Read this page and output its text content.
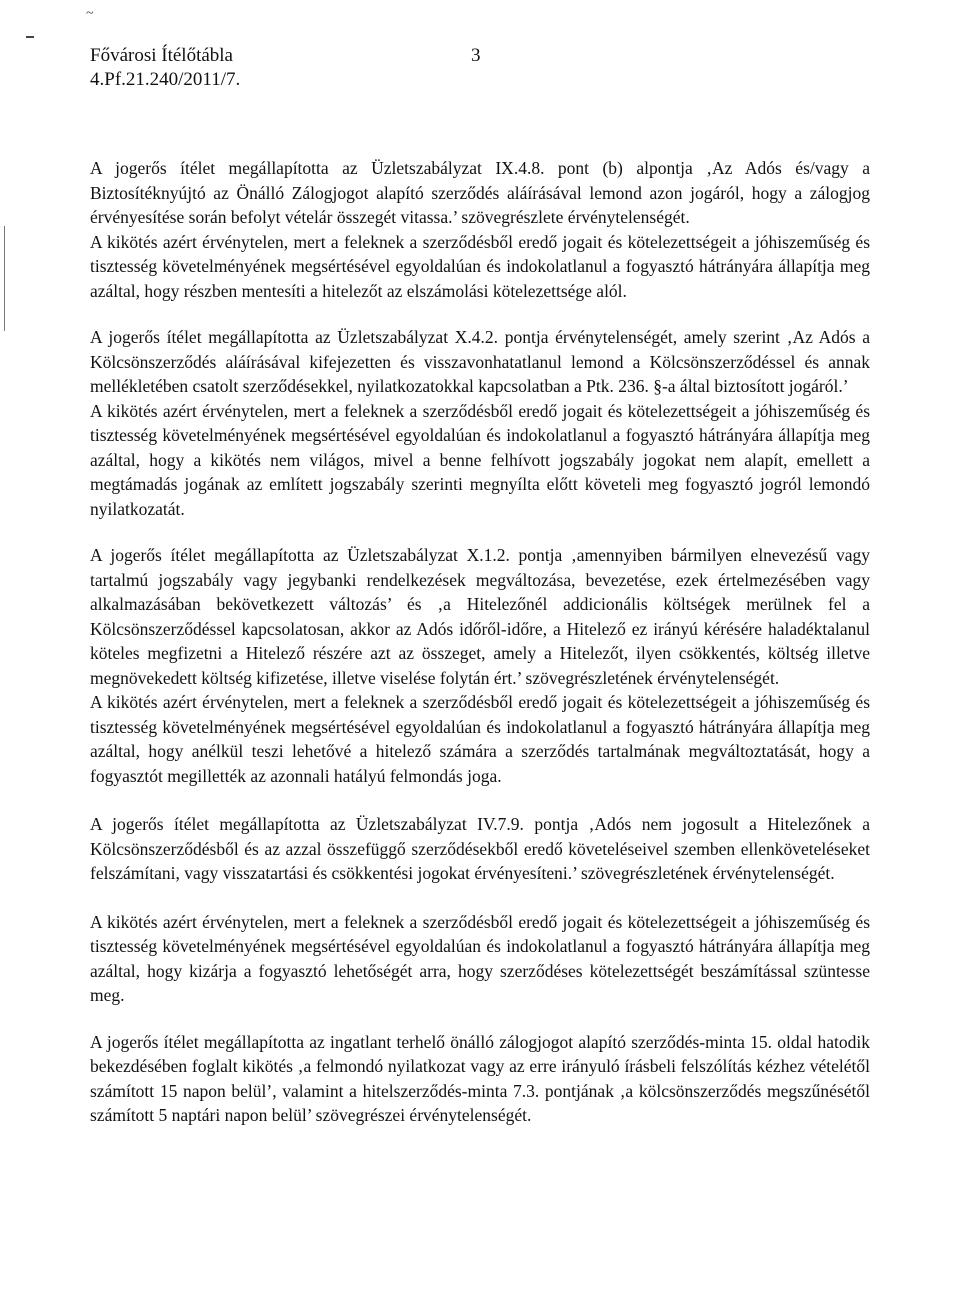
~

Fővárosi Ítélőtábla

4.Pf.21.240/2011/7.

3

A jogerős ítélet megállapította az Üzletszabályzat IX.4.8. pont (b) alpontja ‚Az Adós és/vagy a Biztosítéknyújtó az Önálló Zálogjogot alapító szerződés aláírásával lemond azon jogáról, hogy a zálogjog érvényesítése során befolyt vételár összegét vitassa.’ szövegrészlete érvénytelenségét.

A kikötés azért érvénytelen, mert a feleknek a szerződésből eredő jogait és kötelezettségeit a jóhiszeműség és tisztesség követelményének megsértésével egyoldalúan és indokolatlanul a fogyasztó hátrányára állapítja meg azáltal, hogy részben mentesíti a hitelezőt az elszámolási kötelezettsége alól.

A jogerős ítélet megállapította az Üzletszabályzat X.4.2. pontja érvénytelenségét, amely szerint ‚Az Adós a Kölcsönszerződés aláírásával kifejezetten és visszavonhatatlanul lemond a Kölcsönszerződéssel és annak mellékletében csatolt szerződésekkel, nyilatkozatokkal kapcsolatban a Ptk. 236. §-a által biztosított jogáról.’

A kikötés azért érvénytelen, mert a feleknek a szerződésből eredő jogait és kötelezettségeit a jóhiszeműség és tisztesség követelményének megsértésével egyoldalúan és indokolatlanul a fogyasztó hátrányára állapítja meg azáltal, hogy a kikötés nem világos, mivel a benne felhívott jogszabály jogokat nem alapít, emellett a megtámadás jogának az említett jogszabály szerinti megnyílta előtt követeli meg fogyasztó jogról lemondó nyilatkozatát.

A jogerős ítélet megállapította az Üzletszabályzat X.1.2. pontja ‚amennyiben bármilyen elnevezésű vagy tartalmú jogszabály vagy jegybanki rendelkezések megváltozása, bevezetése, ezek értelmezésében vagy alkalmazásában bekövetkezett változás’ és ‚a Hitelezőnél addicionális költségek merülnek fel a Kölcsönszerződéssel kapcsolatosan, akkor az Adós időről-időre, a Hitelező ez irányú kérésére haladéktalanul köteles megfizetni a Hitelező részére azt az összeget, amely a Hitelezőt, ilyen csökkentés, költség illetve megnövekedett költség kifizetése, illetve viselése folytán ért.’ szövegrészletének érvénytelenségét.

A kikötés azért érvénytelen, mert a feleknek a szerződésből eredő jogait és kötelezettségeit a jóhiszeműség és tisztesség követelményének megsértésével egyoldalúan és indokolatlanul a fogyasztó hátrányára állapítja meg azáltal, hogy anélkül teszi lehetővé a hitelező számára a szerződés tartalmának megváltoztatását, hogy a fogyasztót megillették az azonnali hatályú felmondás joga.

A jogerős ítélet megállapította az Üzletszabályzat IV.7.9. pontja ‚Adós nem jogosult a Hitelezőnek a Kölcsönszerződésből és az azzal összefüggő szerződésekből eredő követeléseivel szemben ellenköveteléseket felszámítani, vagy visszatartási és csökkentési jogokat érvényesíteni.’ szövegrészletének érvénytelenségét.

A kikötés azért érvénytelen, mert a feleknek a szerződésből eredő jogait és kötelezettségeit a jóhiszeműség és tisztesség követelményének megsértésével egyoldalúan és indokolatlanul a fogyasztó hátrányára állapítja meg azáltal, hogy kizárja a fogyasztó lehetőségét arra, hogy szerződéses kötelezettségét beszámítással szüntesse meg.

A jogerős ítélet megállapította az ingatlant terhelő önálló zálogjogot alapító szerződés-minta 15. oldal hatodik bekezdésében foglalt kikötés ‚a felmondó nyilatkozat vagy az erre irányuló írásbeli felszólítás kézhez vételétől számított 15 napon belül’, valamint a hitelszerződés-minta 7.3. pontjának ‚a kölcsönszerződés megszűnésétől számított 5 naptári napon belül’ szövegrészei érvénytelenségét.
